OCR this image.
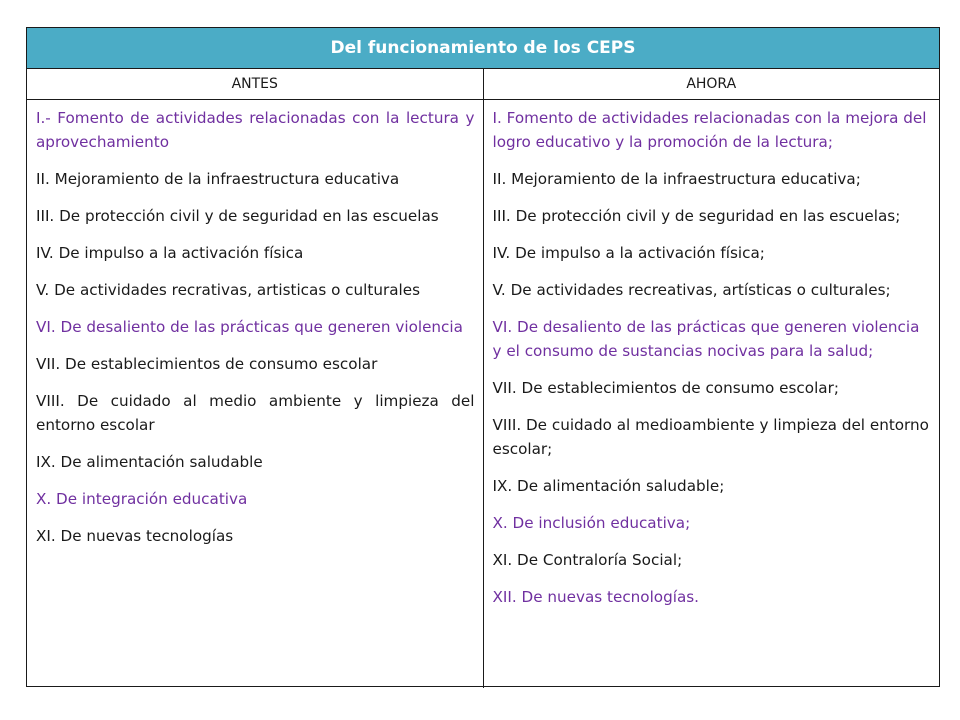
Del funcionamiento de los CEPS
ANTES	AHORA
I.- Fomento de actividades relacionadas con la lectura y aprovechamiento
II. Mejoramiento de la infraestructura educativa
III. De protección civil y de seguridad en las escuelas
IV. De impulso a la activación física
V. De actividades recrativas, artisticas o culturales
VI. De desaliento de las prácticas que generen violencia
VII. De establecimientos de consumo escolar
VIII. De cuidado al medio ambiente y limpieza del entorno escolar
IX. De alimentación saludable
X. De integración educativa
XI. De nuevas tecnologías
I. Fomento de actividades relacionadas con la mejora del logro educativo y la promoción de la lectura;
II. Mejoramiento de la infraestructura educativa;
III. De protección civil y de seguridad en las escuelas;
IV. De impulso a la activación física;
V. De actividades recreativas, artísticas o culturales;
VI. De desaliento de las prácticas que generen violencia y el consumo de sustancias nocivas para la salud;
VII. De establecimientos de consumo escolar;
VIII. De cuidado al medioambiente y limpieza del entorno escolar;
IX. De alimentación saludable;
X. De inclusión educativa;
XI. De Contraloría Social;
XII. De nuevas tecnologías.
